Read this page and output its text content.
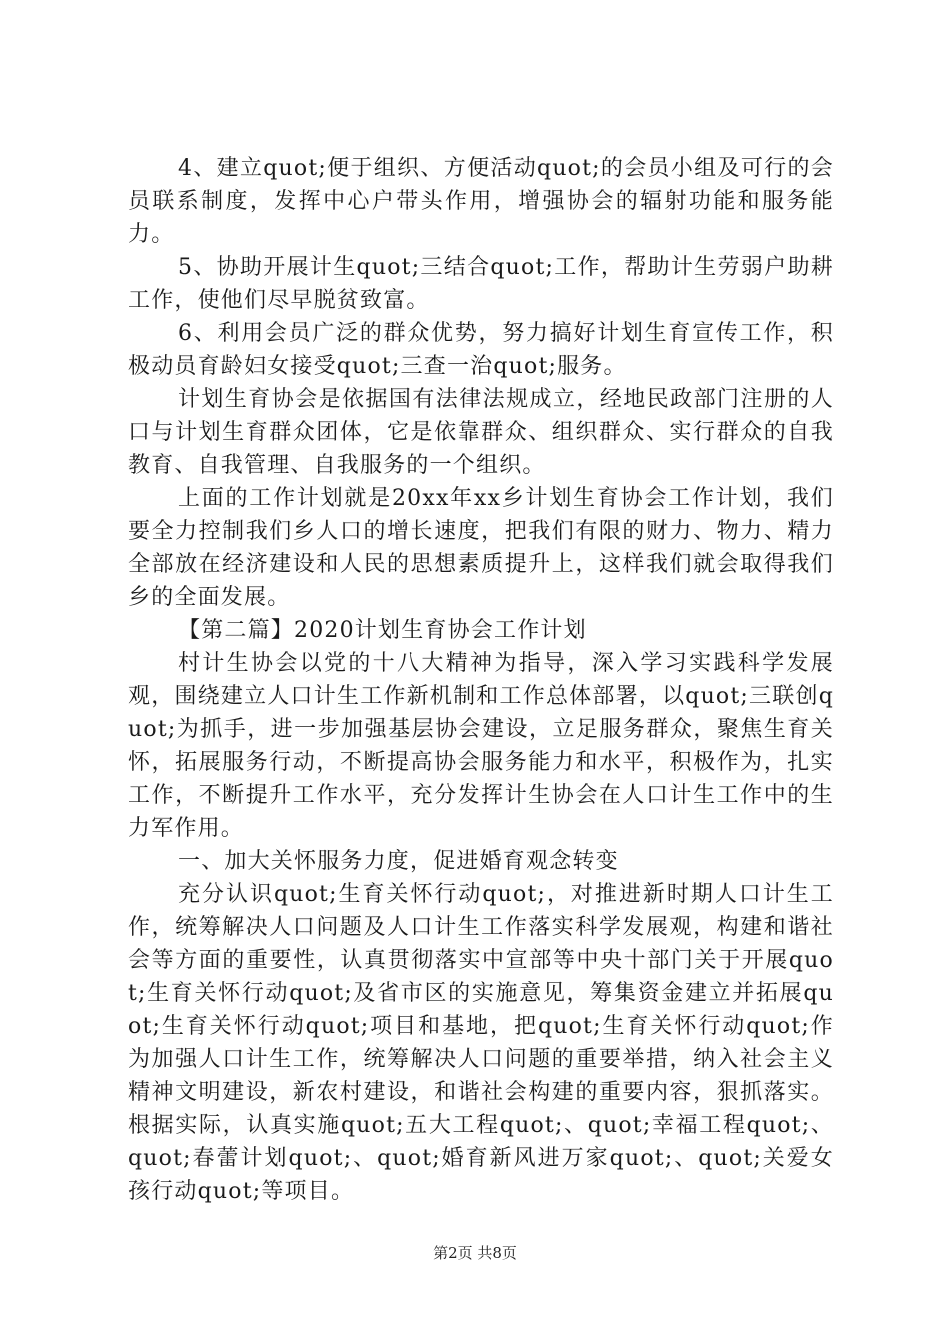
4、建立quot;便于组织、方便活动quot;的会员小组及可行的会员联系制度，发挥中心户带头作用，增强协会的辐射功能和服务能力。

5、协助开展计生quot;三结合quot;工作，帮助计生劳弱户助耕工作，使他们尽早脱贫致富。

6、利用会员广泛的群众优势，努力搞好计划生育宣传工作，积极动员育龄妇女接受quot;三查一治quot;服务。

计划生育协会是依据国有法律法规成立，经地民政部门注册的人口与计划生育群众团体，它是依靠群众、组织群众、实行群众的自我教育、自我管理、自我服务的一个组织。

上面的工作计划就是20xx年xx乡计划生育协会工作计划，我们要全力控制我们乡人口的增长速度，把我们有限的财力、物力、精力全部放在经济建设和人民的思想素质提升上，这样我们就会取得我们乡的全面发展。

【第二篇】2020计划生育协会工作计划

村计生协会以党的十八大精神为指导，深入学习实践科学发展观，围绕建立人口计生工作新机制和工作总体部署，以quot;三联创quot;为抓手，进一步加强基层协会建设，立足服务群众，聚焦生育关怀，拓展服务行动，不断提高协会服务能力和水平，积极作为，扎实工作，不断提升工作水平，充分发挥计生协会在人口计生工作中的生力军作用。

一、加大关怀服务力度，促进婚育观念转变

充分认识quot;生育关怀行动quot;，对推进新时期人口计生工作，统筹解决人口问题及人口计生工作落实科学发展观，构建和谐社会等方面的重要性，认真贯彻落实中宣部等中央十部门关于开展quot;生育关怀行动quot;及省市区的实施意见，筹集资金建立并拓展quot;生育关怀行动quot;项目和基地，把quot;生育关怀行动quot;作为加强人口计生工作，统筹解决人口问题的重要举措，纳入社会主义精神文明建设，新农村建设，和谐社会构建的重要内容，狠抓落实。根据实际，认真实施quot;五大工程quot;、quot;幸福工程quot;、quot;春蕾计划quot;、quot;婚育新风进万家quot;、quot;关爱女孩行动quot;等项目。

第2页 共8页
